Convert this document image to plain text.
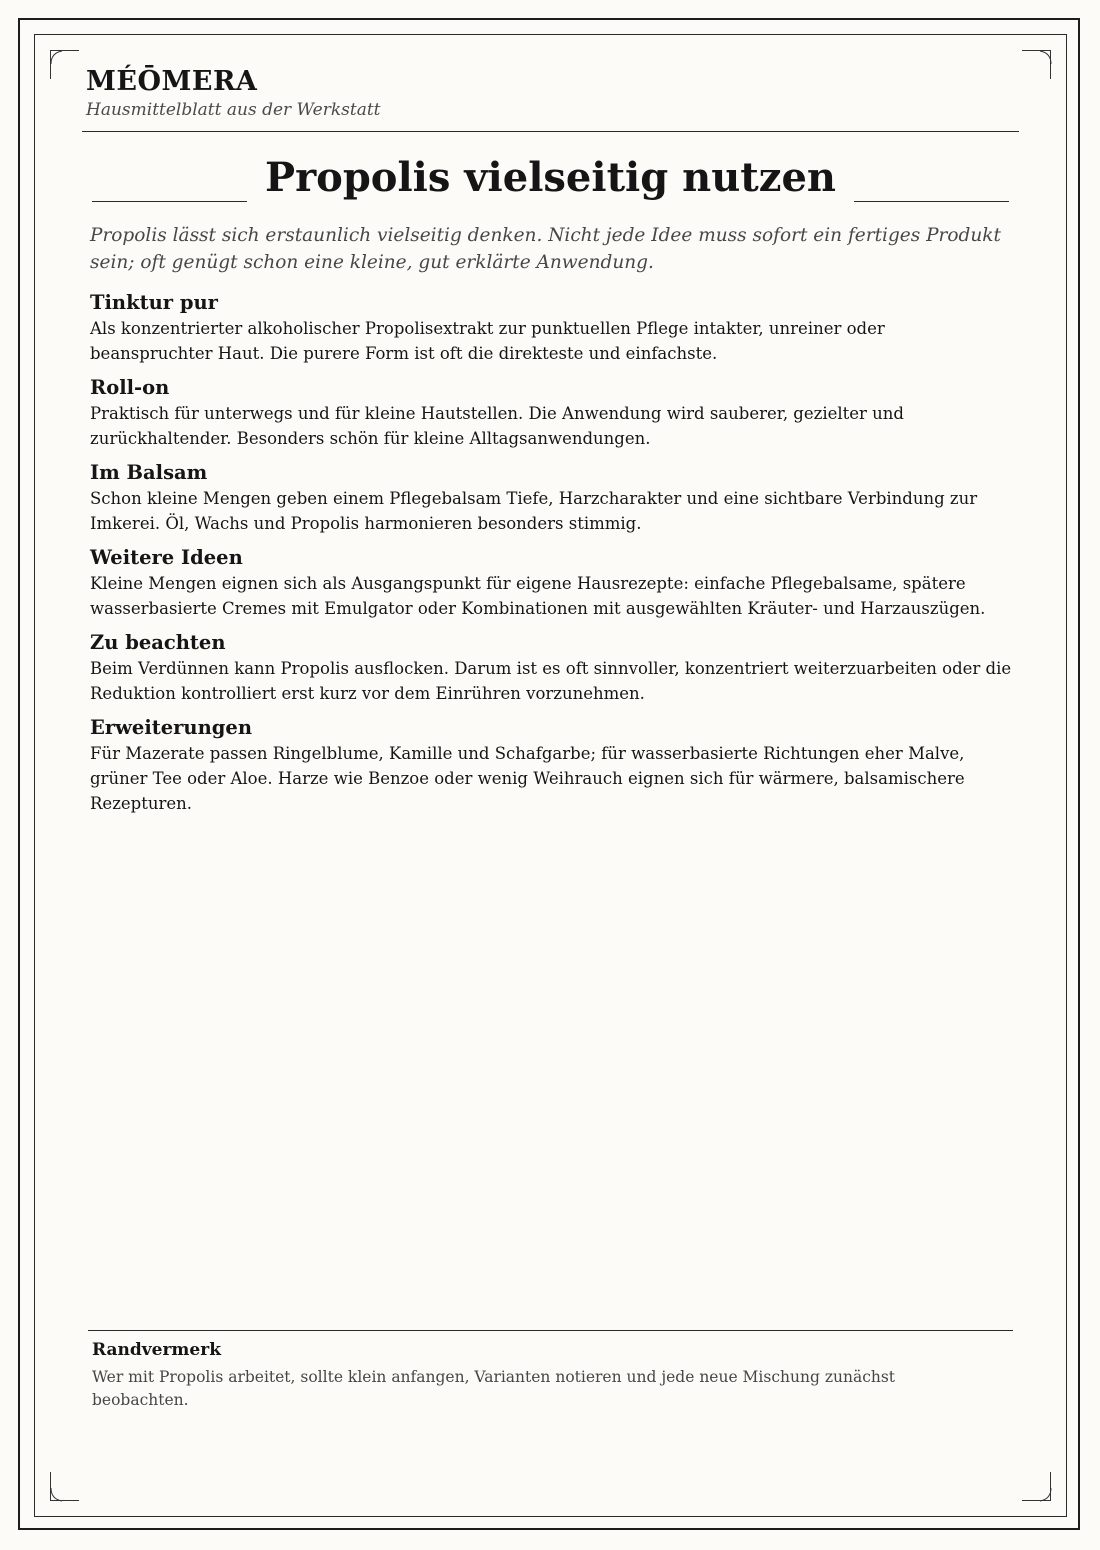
MÉŌMERA

Hausmittelblatt aus der Werkstatt

Propolis vielseitig nutzen

Propolis lässt sich erstaunlich vielseitig denken. Nicht jede Idee muss sofort ein fertiges Produkt sein; oft genügt schon eine kleine, gut erklärte Anwendung.

Tinktur pur

Als konzentrierter alkoholischer Propolisextrakt zur punktuellen Pflege intakter, unreiner oder beanspruchter Haut. Die purere Form ist oft die direkteste und einfachste.

Roll-on

Praktisch für unterwegs und für kleine Hautstellen. Die Anwendung wird sauberer, gezielter und zurückhaltender. Besonders schön für kleine Alltagsanwendungen.

Im Balsam

Schon kleine Mengen geben einem Pflegebalsam Tiefe, Harzcharakter und eine sichtbare Verbindung zur Imkerei. Öl, Wachs und Propolis harmonieren besonders stimmig.

Weitere Ideen

Kleine Mengen eignen sich als Ausgangspunkt für eigene Hausrezepte: einfache Pflegebalsame, spätere wasserbasierte Cremes mit Emulgator oder Kombinationen mit ausgewählten Kräuter- und Harzauszügen.

Zu beachten

Beim Verdünnen kann Propolis ausflocken. Darum ist es oft sinnvoller, konzentriert weiterzuarbeiten oder die Reduktion kontrolliert erst kurz vor dem Einrühren vorzunehmen.

Erweiterungen

Für Mazerate passen Ringelblume, Kamille und Schafgarbe; für wasserbasierte Richtungen eher Malve, grüner Tee oder Aloe. Harze wie Benzoe oder wenig Weihrauch eignen sich für wärmere, balsamischere Rezepturen.

Randvermerk

Wer mit Propolis arbeitet, sollte klein anfangen, Varianten notieren und jede neue Mischung zunächst beobachten.
